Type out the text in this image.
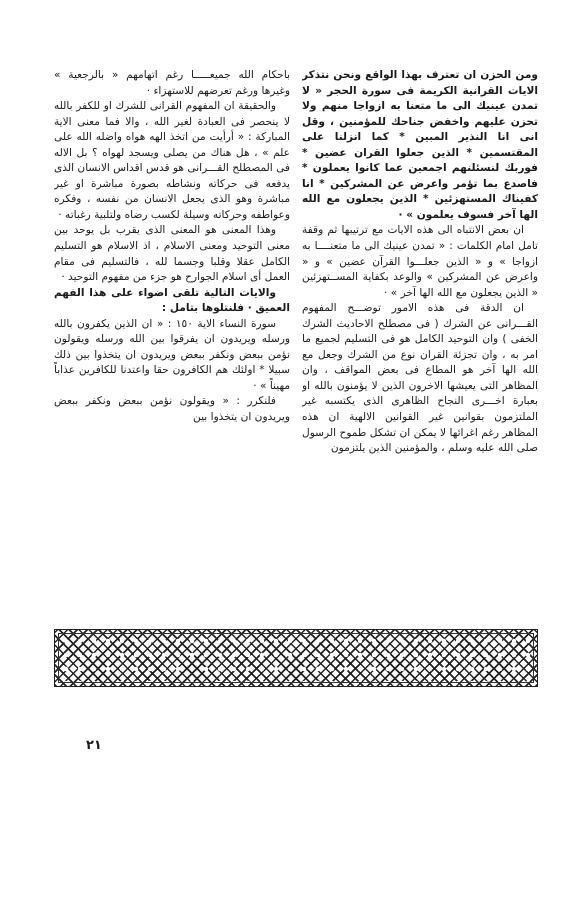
ومن الحزن ان تعترف بهذا الواقع ونحن نتذكر الايات القرانية الكريمة فى سورة الحجر « لا تمدن عينيك الى ما متعنا به ازواجا منهم ولا تحزن عليهم واخفض جناحك للمؤمنين ، وقل انى انا النذير المبين * كما انزلنا على المقتسمين * الذين جعلوا القران عضين * فوربك لنسئلنهم اجمعين عما كانوا يعملون * فاصدع بما تؤمر واعرض عن المشركين * انا كفيناك المستهزئين * الذين يجعلون مع الله الها آخر فسوف يعلمون » ·

ان بعض الانتباه الى هذه الايات مع ترتيبها ثم وقفة تامل امام الكلمات : « تمدن عينيك الى ما متعنــــا به ازواجا » و « الذين جعلـــوا القرآن عضين » و « واعرض عن المشركين » والوعد بكفاية المســتهزئين « الذين يجعلون مع الله الها آخر » ·

ان الدقة فى هذه الامور توضـــح المفهوم القـــرانى عن الشرك ( فى مصطلح الاحاديث الشرك الخفى ) وان التوحيد الكامل هو فى التسليم لجميع ما امر به ، وان تجزئة القران نوع من الشرك وجعل مع الله الها آخر هو المطاع فى بعض المواقف ، وان المظاهر التى يعيشها الاخرون الذين لا يؤمنون بالله او بعبارة اخـــرى النجاح الظاهرى الذى يكتسبه غير الملتزمون بقوانين غير القوانين الالهية ان هذه المظاهر رغم اغرائها لا يمكن ان تشكل طموح الرسول صلى الله عليه وسلم ، والمؤمنين الذين يلتزمون

باحكام الله جميعـــــا رغم اتهامهم « بالرجعية » وغيرها ورغم تعرضهم للاستهزاء ·

والحقيقة ان المفهوم القرانى للشرك او للكفر بالله لا ينحصر فى العبادة لغير الله ، والا فما معنى الاية المباركة : « أرأيت من اتخذ الهه هواه واضله الله على علم » ، هل هناك من يصلى ويسجد لهواه ؟ بل الاله فى المصطلح القـــرانى هو قدس اقداس الانسان الذى يدفعه فى حركاته ونشاطه بصورة مباشرة او غير مباشرة وهو الذى يجعل الانسان من نفسه ، وفكره وعواطفه وحركاته وسيلة لكسب رضاه ولتلبية رغباته ·

وهذا المعنى هو المعنى الذى يقرب بل يوحد بين معنى التوحيد ومعنى الاسلام ، اذ الاسلام هو التسليم الكامل عقلا وقلبا وجسما لله ، فالتسليم فى مقام العمل أى اسلام الجوارح هو جزء من مفهوم التوحيد ·

والايات التالية تلقى اضواء على هذا الفهم العميق · فلنتلوها بتامل :

سورة النساء الاية ١٥٠ : « ان الذين يكفرون بالله ورسله ويريدون ان يفرقوا بين الله ورسله ويقولون نؤمن ببعض ونكفر ببعض ويريدون ان يتخذوا بين ذلك سبيلا * اولئك هم الكافرون حقا واعتدنا للكافرين عذاباً مهيناً » ·

فلنكرر : « ويقولون نؤمن ببعض ونكفر ببعض ويريدون ان يتخذوا بين

٢١
